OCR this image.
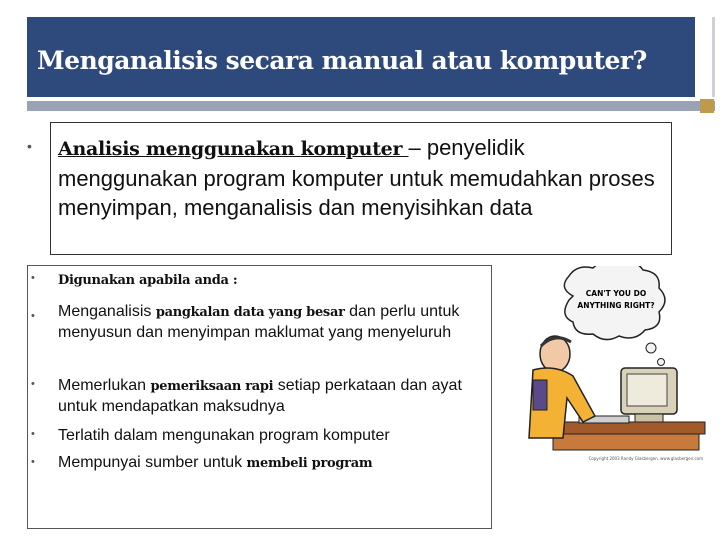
Menganalisis secara manual atau komputer?
• Analisis menggunakan komputer – penyelidik menggunakan program komputer untuk memudahkan proses menyimpan, menganalisis dan menyisihkan data
• Digunakan apabila anda :
• Menganalisis pangkalan data yang besar dan perlu untuk menyusun dan menyimpan maklumat yang menyeluruh
• Memerlukan pemeriksaan rapi setiap perkataan dan ayat untuk mendapatkan maksudnya
• Terlatih dalam mengunakan program komputer
• Mempunyai sumber untuk membeli program
CAN'T YOU DO
ANYTHING RIGHT?
Copyright 2003 Randy Glasbergen. www.glasbergen.com
